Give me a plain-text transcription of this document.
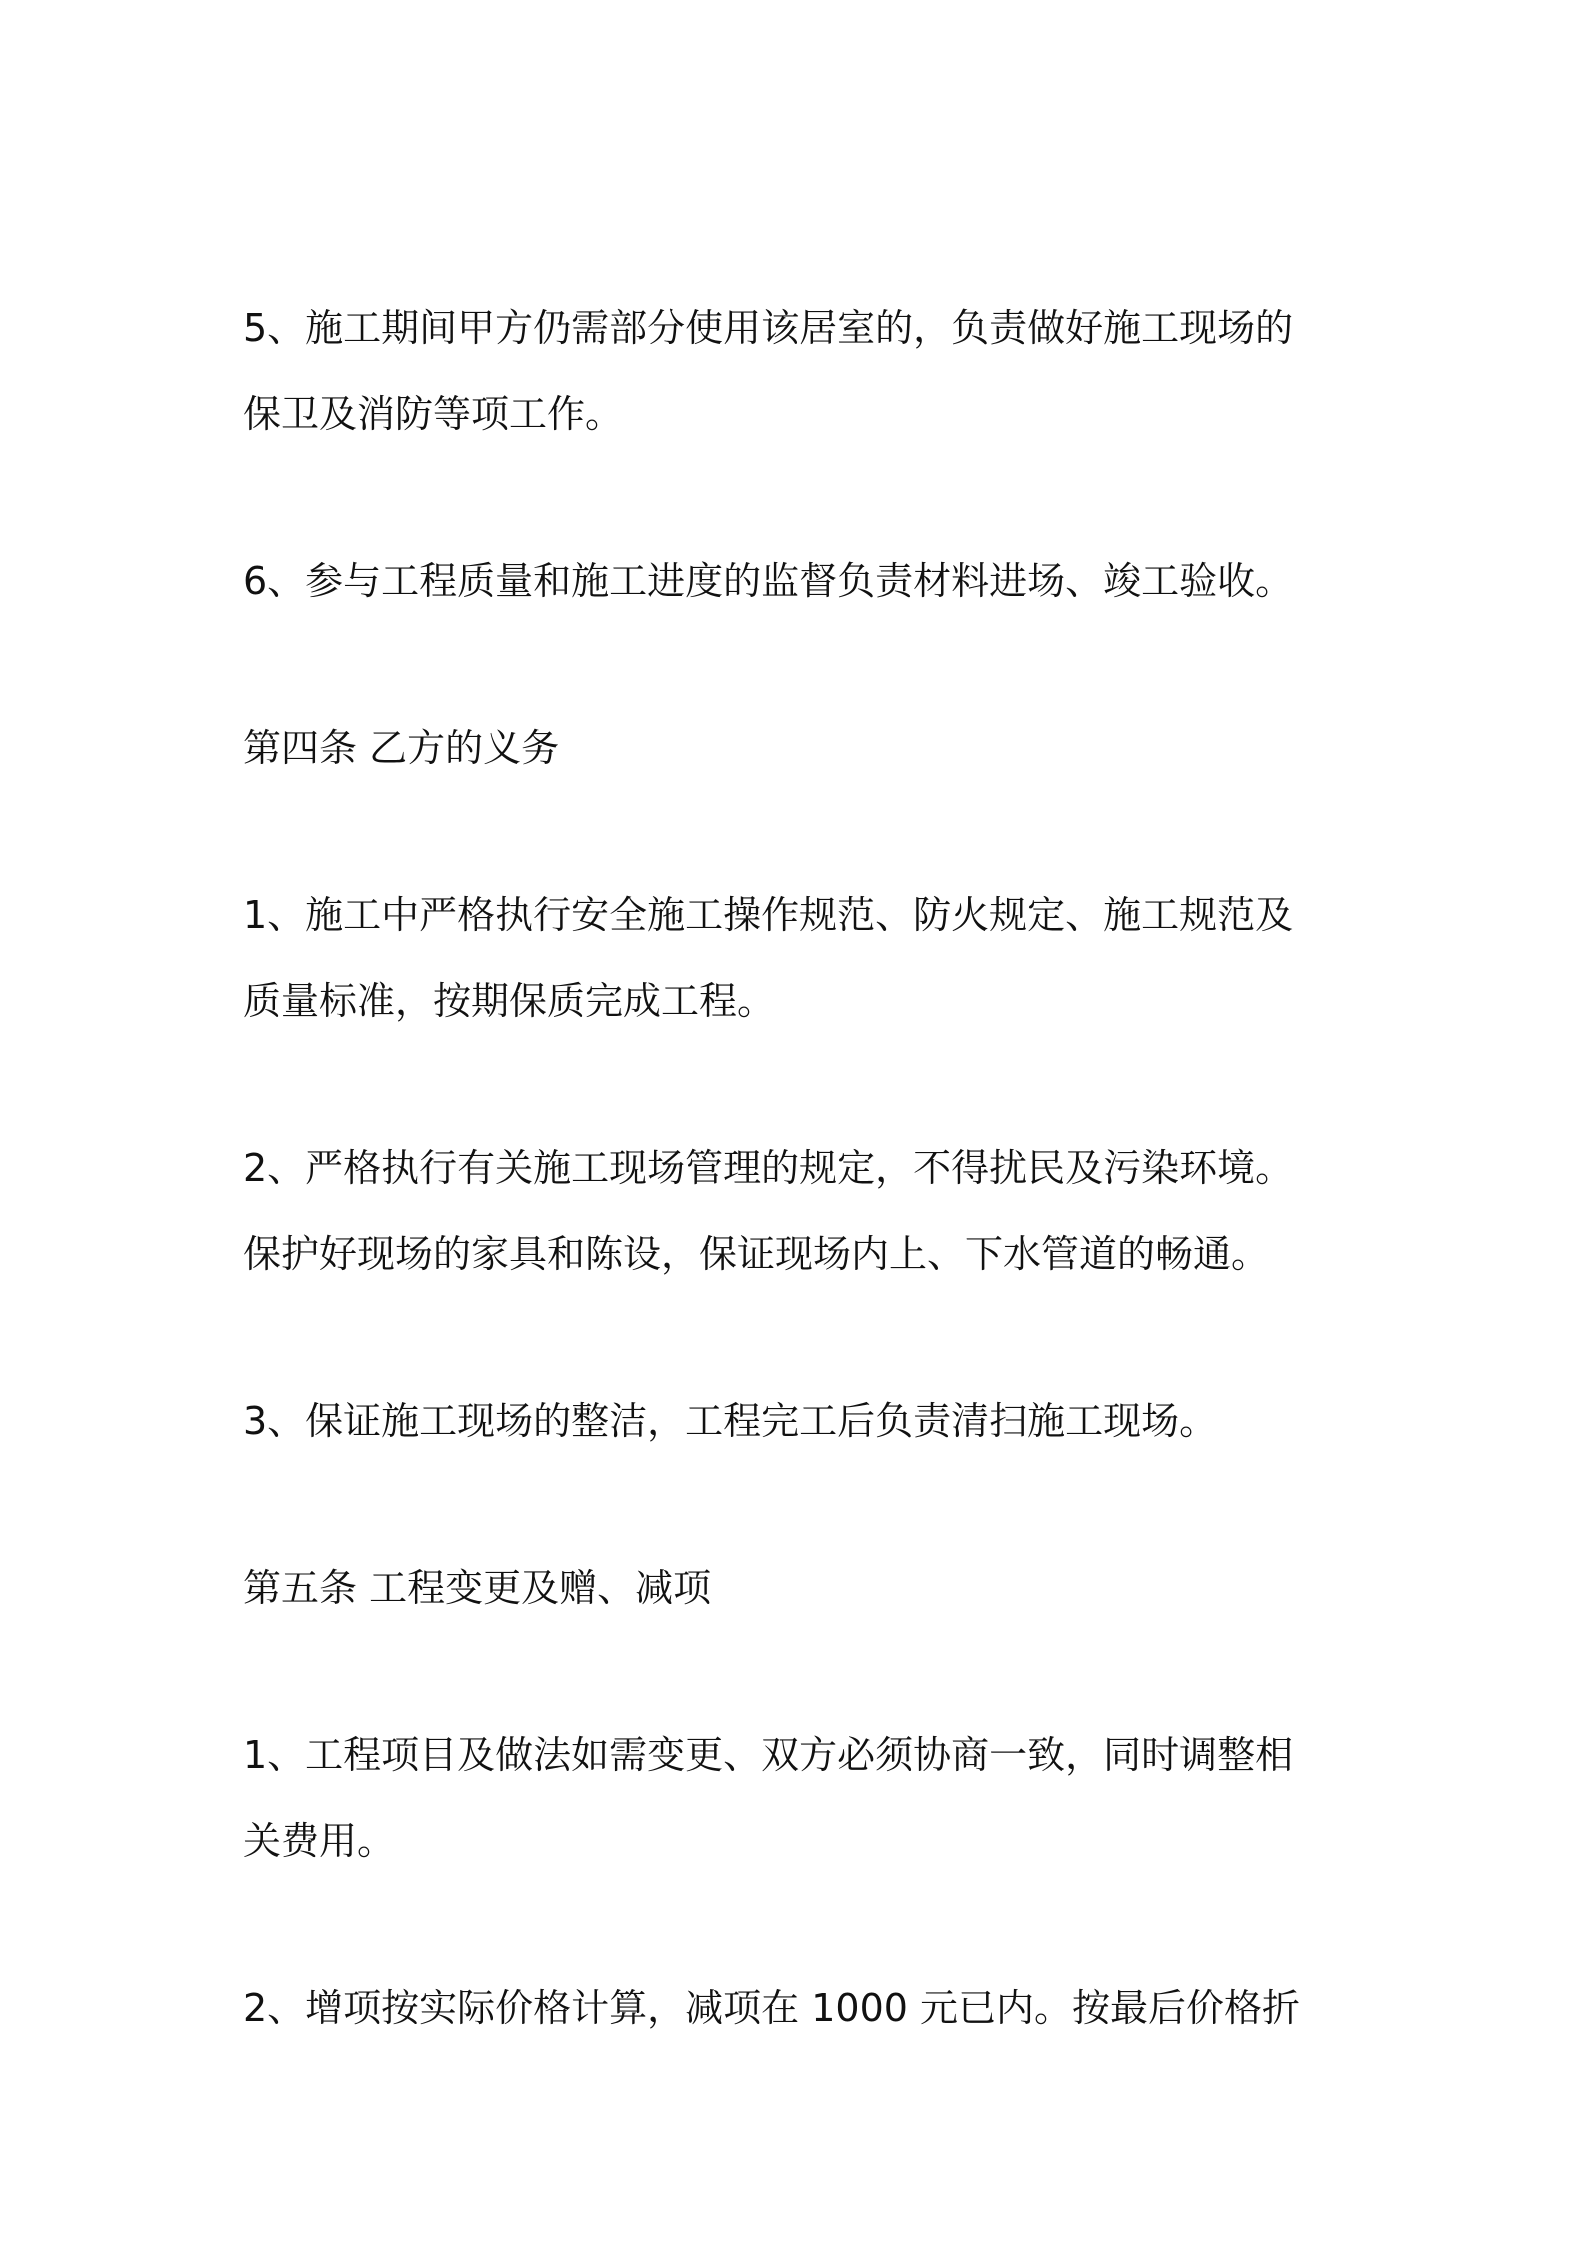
5、施工期间甲方仍需部分使用该居室的，负责做好施工现场的
保卫及消防等项工作。

6、参与工程质量和施工进度的监督负责材料进场、竣工验收。

第四条 乙方的义务

1、施工中严格执行安全施工操作规范、防火规定、施工规范及
质量标准，按期保质完成工程。

2、严格执行有关施工现场管理的规定，不得扰民及污染环境。
保护好现场的家具和陈设，保证现场内上、下水管道的畅通。

3、保证施工现场的整洁，工程完工后负责清扫施工现场。

第五条 工程变更及赠、减项

1、工程项目及做法如需变更、双方必须协商一致，同时调整相
关费用。

2、增项按实际价格计算，减项在 1000 元已内。按最后价格折
